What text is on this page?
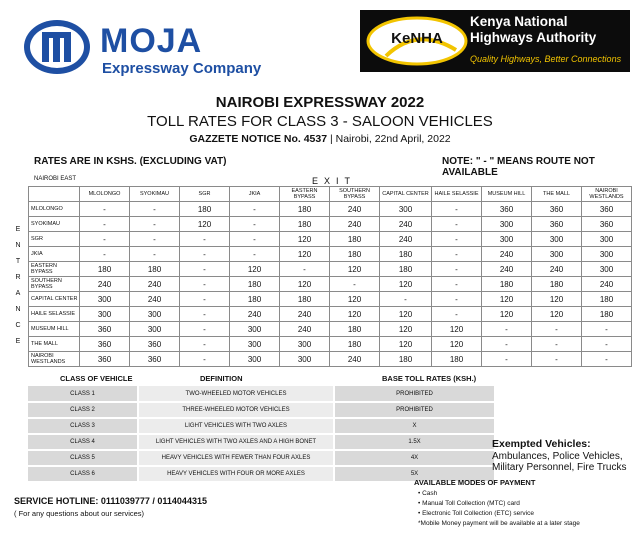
MOJA
Expressway Company
KeNHA
Kenya National
Highways Authority
Quality Highways, Better Connections
NAIROBI EXPRESSWAY 2022
TOLL RATES FOR CLASS 3 - SALOON VEHICLES
GAZZETE NOTICE No. 4537 | Nairobi, 22nd April, 2022
RATES ARE IN KSHS. (EXCLUDING VAT)	NOTE: " - " MEANS ROUTE NOT AVAILABLE
EXIT
NAIROBI EAST
E
N
T
R
A
N
C
E
	MLOLONGO	SYOKIMAU	SGR	JKIA	EASTERN BYPASS	SOUTHERN BYPASS	CAPITAL CENTER	HAILE SELASSIE	MUSEUM HILL	THE MALL	NAIROBI WESTLANDS
MLOLONGO	-	-	180	-	180	240	300	-	360	360	360
SYOKIMAU	-	-	120	-	180	240	240	-	300	360	360
SGR	-	-	-	-	120	180	240	-	300	300	300
JKIA	-	-	-	-	120	180	180	-	240	300	300
EASTERN BYPASS	180	180	-	120	-	120	180	-	240	240	300
SOUTHERN BYPASS	240	240	-	180	120	-	120	-	180	180	240
CAPITAL CENTER	300	240	-	180	180	120	-	-	120	120	180
HAILE SELASSIE	300	300	-	240	240	120	120	-	120	120	180
MUSEUM HILL	360	300	-	300	240	180	120	120	-	-	-
THE MALL	360	360	-	300	300	180	120	120	-	-	-
NAIROBI WESTLANDS	360	360	-	300	300	240	180	180	-	-	-
CLASS OF VEHICLE	DEFINITION	BASE TOLL RATES (KSH.)
CLASS 1	TWO-WHEELED MOTOR VEHICLES	PROHIBITED
CLASS 2	THREE-WHEELED MOTOR VEHICLES	PROHIBITED
CLASS 3	LIGHT VEHICLES WITH TWO AXLES	X
CLASS 4	LIGHT VEHICLES WITH TWO AXLES AND A HIGH BONET	1.5X
CLASS 5	HEAVY VEHICLES WITH FEWER THAN FOUR AXLES	4X
CLASS 6	HEAVY VEHICLES WITH FOUR OR MORE AXLES	5X
Exempted Vehicles:
Ambulances, Police Vehicles,
Military Personnel, Fire Trucks
AVAILABLE MODES OF PAYMENT
• Cash
• Manual Toll Collection (MTC) card
• Electronic Toll Collection (ETC) service
*Mobile Money payment will be available at a later stage
SERVICE HOTLINE: 0111039777 / 0114044315
( For any questions about our services)
